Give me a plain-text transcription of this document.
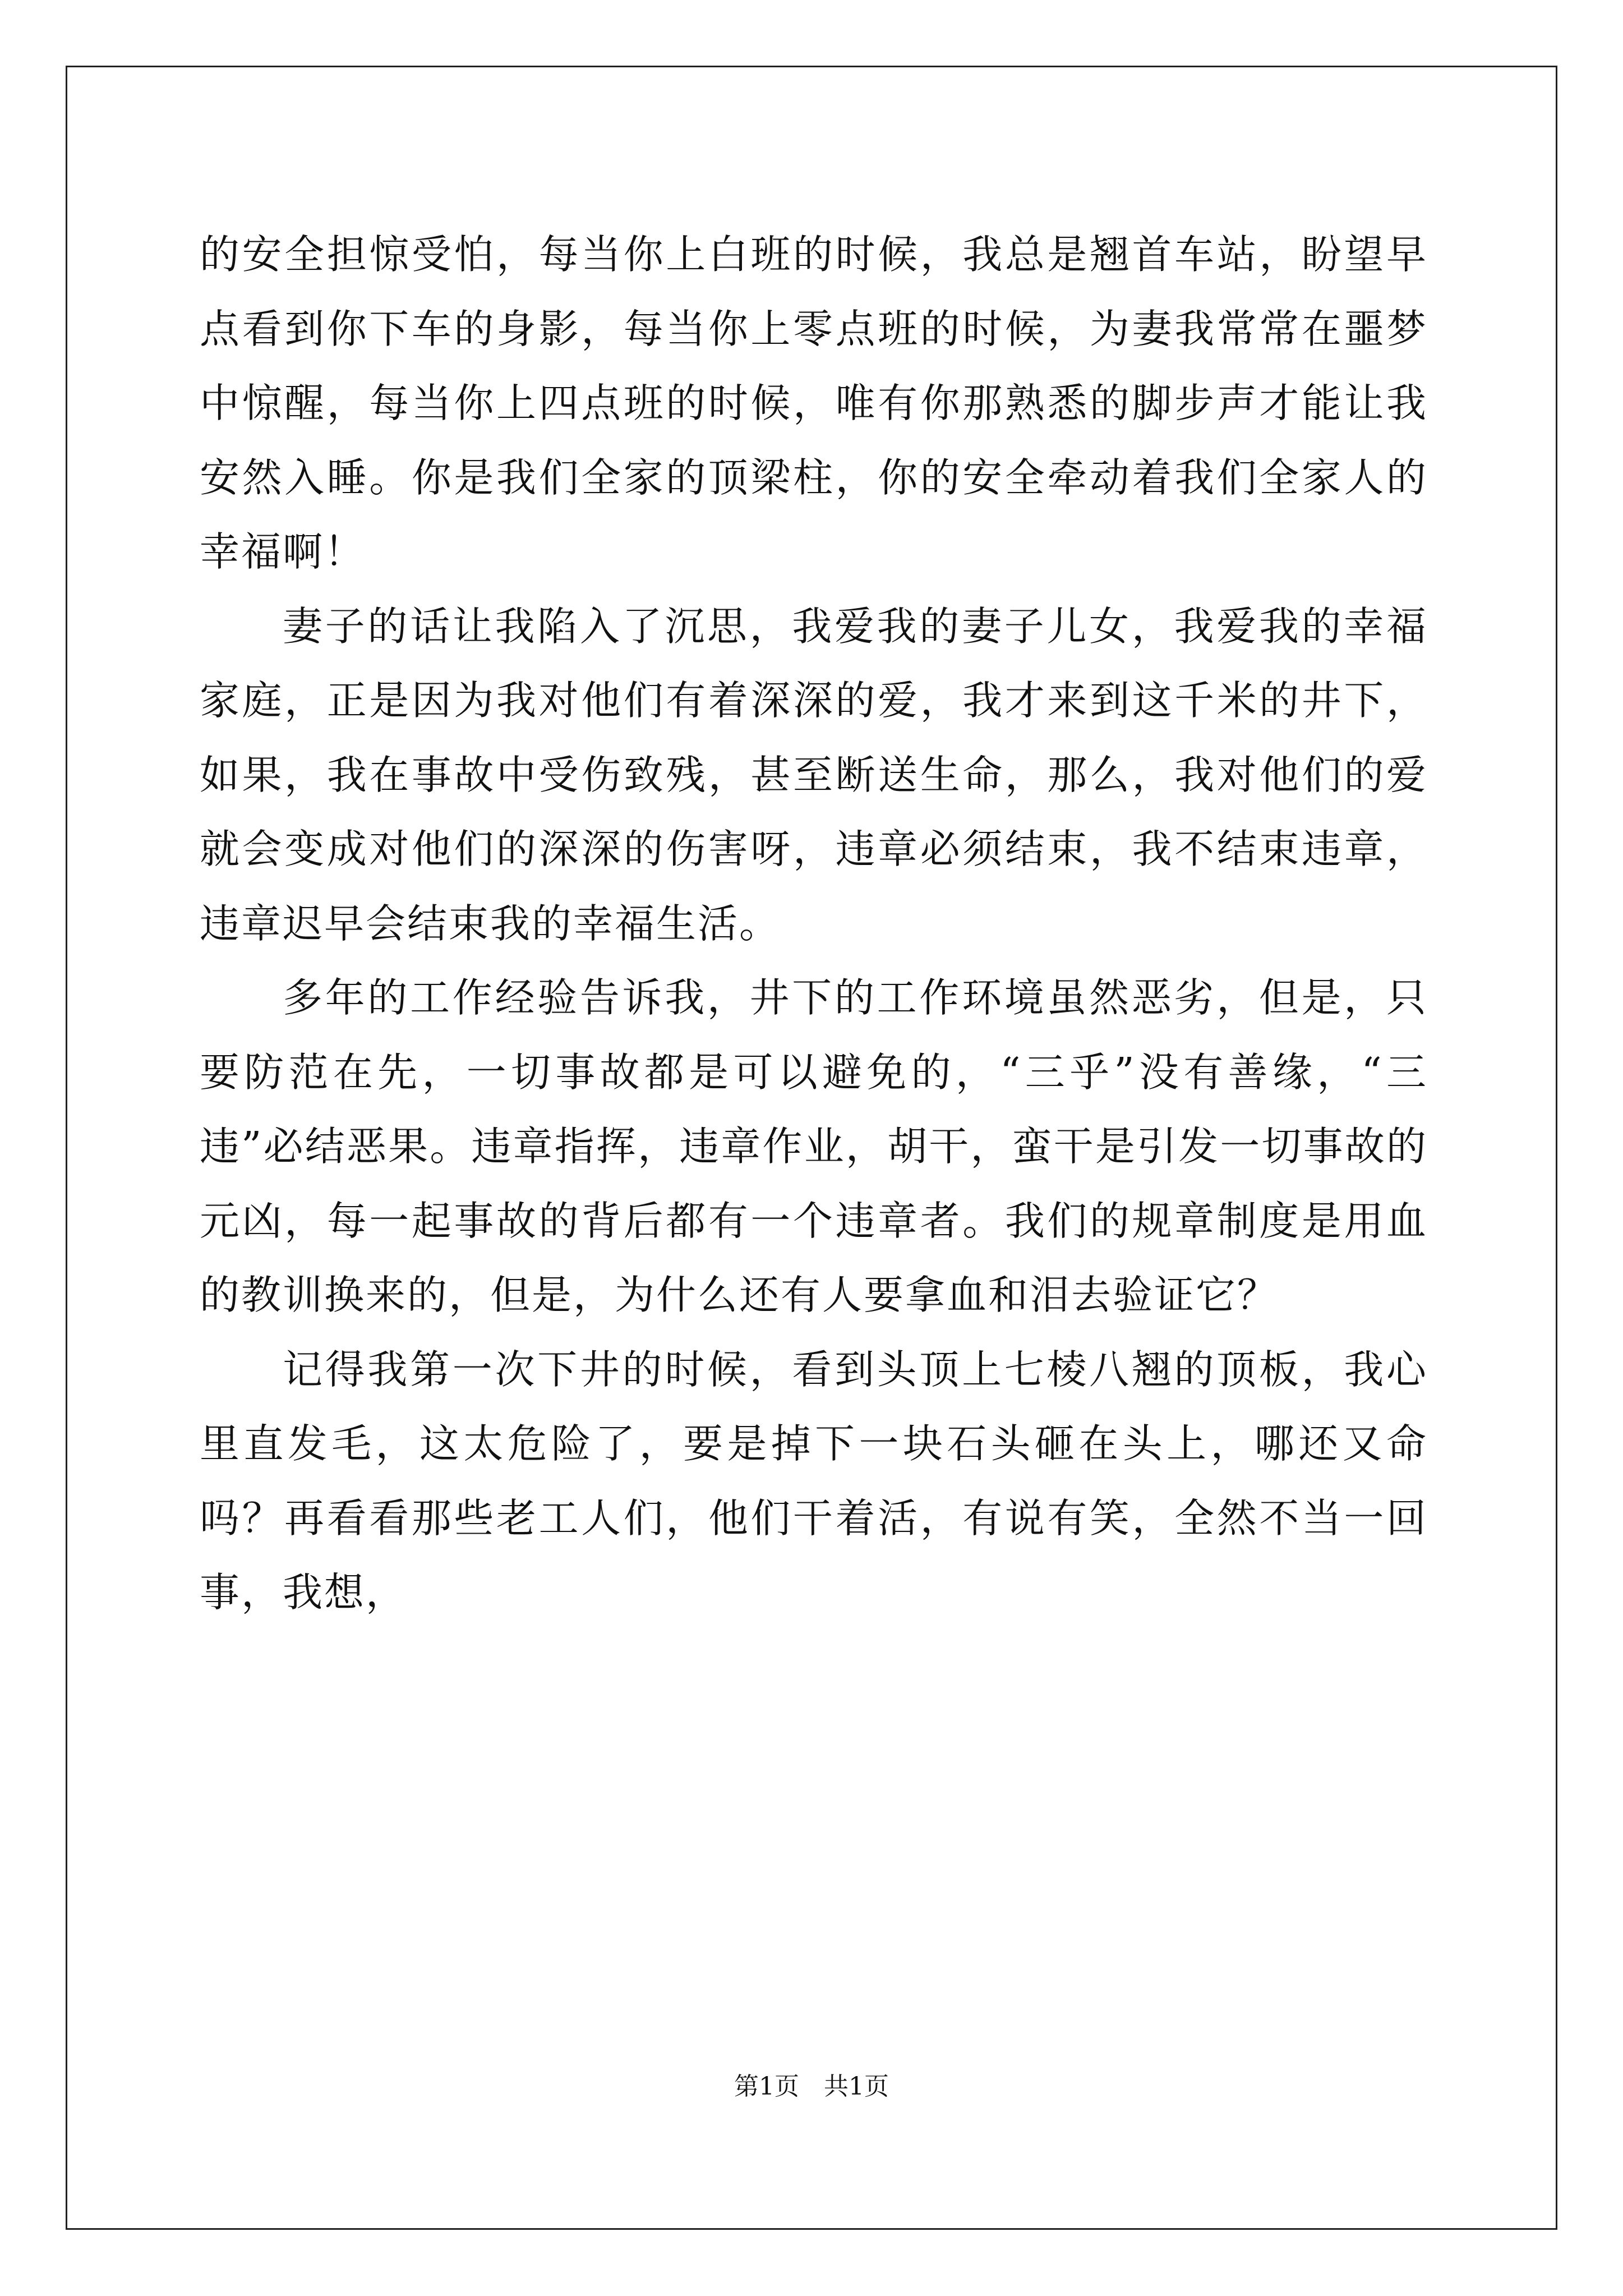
的安全担惊受怕，每当你上白班的时候，我总是翘首车站，盼望早点看到你下车的身影，每当你上零点班的时候，为妻我常常在噩梦中惊醒，每当你上四点班的时候，唯有你那熟悉的脚步声才能让我安然入睡。你是我们全家的顶梁柱，你的安全牵动着我们全家人的幸福啊！

妻子的话让我陷入了沉思，我爱我的妻子儿女，我爱我的幸福家庭，正是因为我对他们有着深深的爱，我才来到这千米的井下，如果，我在事故中受伤致残，甚至断送生命，那么，我对他们的爱就会变成对他们的深深的伤害呀，违章必须结束，我不结束违章，违章迟早会结束我的幸福生活。

多年的工作经验告诉我，井下的工作环境虽然恶劣，但是，只要防范在先，一切事故都是可以避免的，“三乎”没有善缘，“三违”必结恶果。违章指挥，违章作业，胡干，蛮干是引发一切事故的元凶，每一起事故的背后都有一个违章者。我们的规章制度是用血的教训换来的，但是，为什么还有人要拿血和泪去验证它？

记得我第一次下井的时候，看到头顶上七棱八翘的顶板，我心里直发毛，这太危险了，要是掉下一块石头砸在头上，哪还又命吗？再看看那些老工人们，他们干着活，有说有笑，全然不当一回事，我想，

第1页 共1页
